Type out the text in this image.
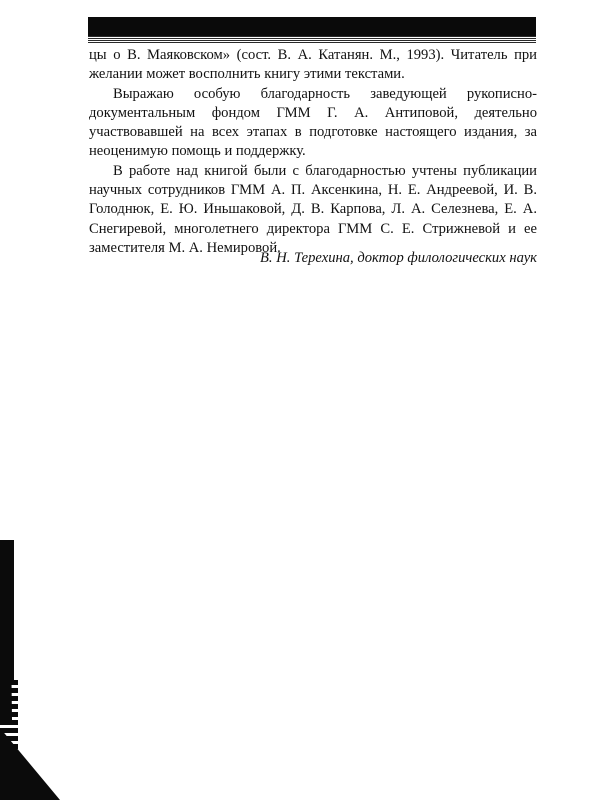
цы о В. Маяковском» (сост. В. А. Катанян. М., 1993). Читатель при желании может восполнить книгу этими текстами.

Выражаю особую благодарность заведующей рукописно-документальным фондом ГММ Г. А. Антиповой, деятельно участвовавшей на всех этапах в подготовке настоящего издания, за неоценимую помощь и поддержку.

В работе над книгой были с благодарностью учтены публикации научных сотрудников ГММ А. П. Аксенкина, Н. Е. Андреевой, И. В. Голоднюк, Е. Ю. Иньшаковой, Д. В. Карпова, Л. А. Селезнева, Е. А. Снегиревой, многолетнего директора ГММ С. Е. Стрижневой и ее заместителя М. А. Немировой.

В. Н. Терехина, доктор филологических наук
